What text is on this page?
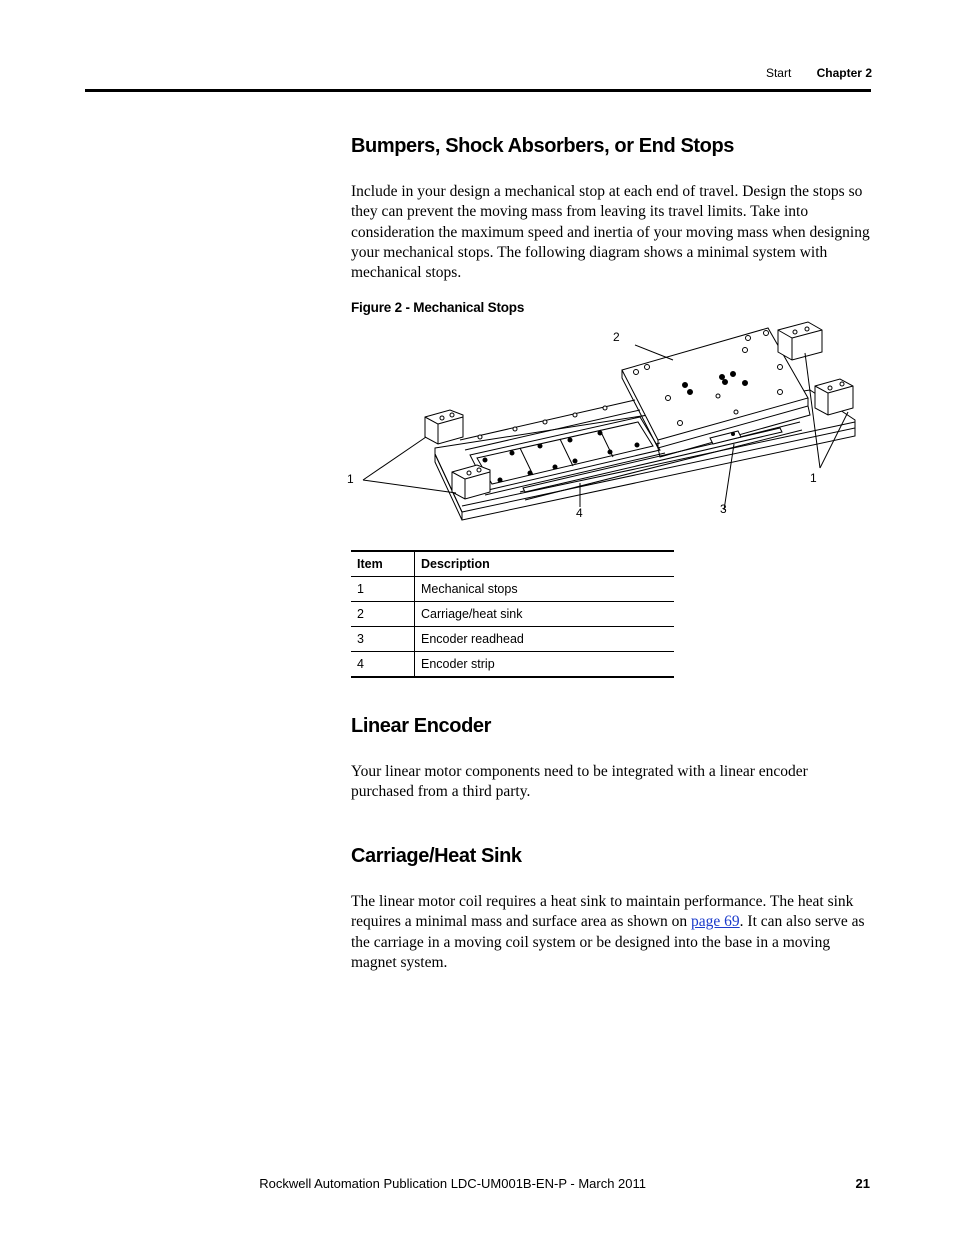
Start Chapter 2
Bumpers, Shock Absorbers, or End Stops

Include in your design a mechanical stop at each end of travel. Design the stops so they can prevent the moving mass from leaving its travel limits. Take into consideration the maximum speed and inertia of your moving mass when designing your mechanical stops. The following diagram shows a minimal system with mechanical stops.

Figure 2 - Mechanical Stops
1
2
3
4
1
Item	Description
1	Mechanical stops
2	Carriage/heat sink
3	Encoder readhead
4	Encoder strip
Linear Encoder

Your linear motor components need to be integrated with a linear encoder purchased from a third party.

Carriage/Heat Sink

The linear motor coil requires a heat sink to maintain performance. The heat sink requires a minimal mass and surface area as shown on page 69. It can also serve as the carriage in a moving coil system or be designed into the base in a moving magnet system.

Rockwell Automation Publication LDC-UM001B-EN-P - March 2011	21
